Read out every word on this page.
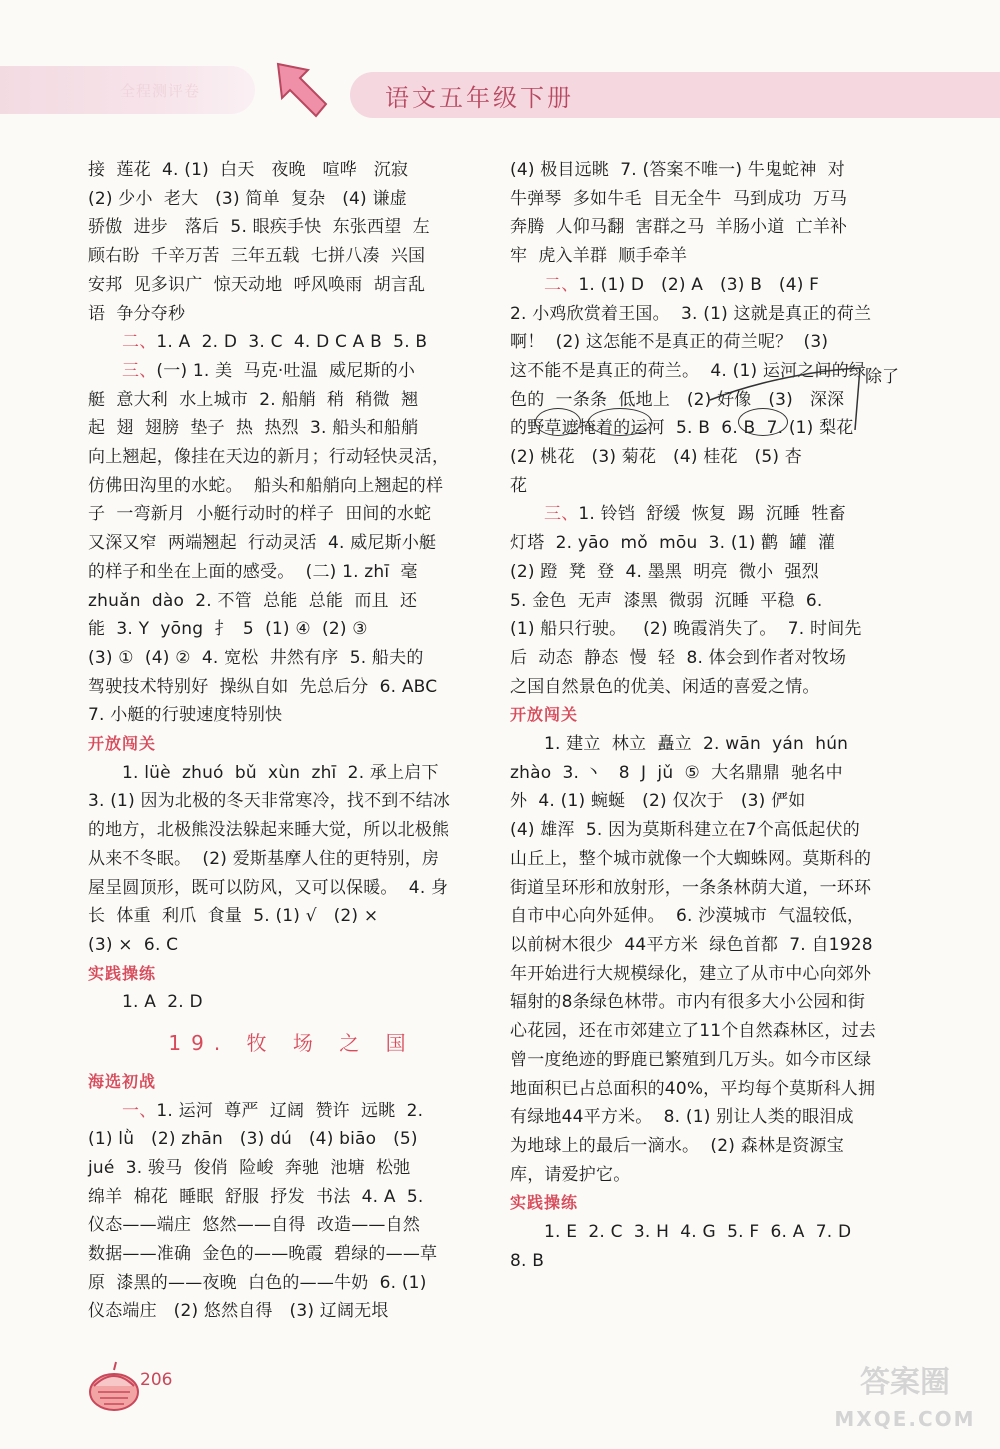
全程测评卷	语文五年级下册
接  莲花  4. (1)  白天   夜晚   喧哗   沉寂
(2) 少小  老大   (3) 简单  复杂   (4) 谦虚
骄傲  进步   落后  5. 眼疾手快  东张西望  左
顾右盼  千辛万苦  三年五载  七拼八凑  兴国
安邦  见多识广  惊天动地  呼风唤雨  胡言乱
语  争分夺秒
二、1. A  2. D  3. C  4. D C A B  5. B
三、(一) 1. 美  马克·吐温  威尼斯的小
艇  意大利  水上城市  2. 船艄  稍  稍微  翘
起  翅  翅膀  垫子  热  热烈  3. 船头和船艄
向上翘起，像挂在天边的新月；行动轻快灵活，
仿佛田沟里的水蛇。  船头和船艄向上翘起的样
子  一弯新月  小艇行动时的样子  田间的水蛇
又深又窄  两端翘起  行动灵活  4. 威尼斯小艇
的样子和坐在上面的感受。  (二) 1. zhī  毫
zhuǎn  dào  2. 不管  总能  总能  而且  还
能  3. Y  yōng  扌  5  (1) ④  (2) ③
(3) ①  (4) ②  4. 宽松  井然有序  5. 船夫的
驾驶技术特别好  操纵自如  先总后分  6. ABC
7. 小艇的行驶速度特别快
开放闯关
1. lüè  zhuó  bǔ  xùn  zhī  2. 承上启下
3. (1) 因为北极的冬天非常寒冷，找不到不结冰
的地方，北极熊没法躲起来睡大觉，所以北极熊
从来不冬眠。  (2) 爱斯基摩人住的更特别，房
屋呈圆顶形，既可以防风，又可以保暖。  4. 身
长  体重  利爪  食量  5. (1) √   (2) ×
(3) ×  6. C
实践操练
1. A  2. D
19. 牧 场 之 国
海选初战
一、1. 运河  尊严  辽阔  赞许  远眺  2.
(1) lǜ   (2) zhān   (3) dú   (4) biāo   (5)
jué  3. 骏马  俊俏  险峻  奔驰  池塘  松弛
绵羊  棉花  睡眠  舒服  抒发  书法  4. A  5.
仪态——端庄  悠然——自得  改造——自然
数据——准确  金色的——晚霞  碧绿的——草
原  漆黑的——夜晚  白色的——牛奶  6. (1)
仪态端庄   (2) 悠然自得   (3) 辽阔无垠
(4) 极目远眺  7. (答案不唯一) 牛鬼蛇神  对
牛弹琴  多如牛毛  目无全牛  马到成功  万马
奔腾  人仰马翻  害群之马  羊肠小道  亡羊补
牢  虎入羊群  顺手牵羊
二、1. (1) D   (2) A   (3) B   (4) F
2. 小鸡欣赏着王国。  3. (1) 这就是真正的荷兰
啊！  (2) 这怎能不是真正的荷兰呢？  (3)
这不能不是真正的荷兰。  4. (1) 运河之间的绿
色的  一条条  低地上   (2) 好像   (3)   深深
的野草遮掩着的运河  5. B  6. B  7. (1) 梨花
(2) 桃花   (3) 菊花   (4) 桂花   (5) 杏
花
三、1. 铃铛  舒缓  恢复  踢  沉睡  牲畜
灯塔  2. yāo  mǒ  mōu  3. (1) 鹳  罐  灌
(2) 蹬  凳  登  4. 墨黑  明亮  微小  强烈
5. 金色  无声  漆黑  微弱  沉睡  平稳  6.
(1) 船只行驶。   (2) 晚霞消失了。  7. 时间先
后  动态  静态  慢  轻  8. 体会到作者对牧场
之国自然景色的优美、闲适的喜爱之情。
开放闯关
1. 建立  林立  矗立  2. wān  yán  hún
zhào  3. 丶   8  J  jǔ  ⑤  大名鼎鼎  驰名中
外  4. (1) 蜿蜒   (2) 仅次于   (3) 俨如
(4) 雄浑  5. 因为莫斯科建立在7个高低起伏的
山丘上，整个城市就像一个大蜘蛛网。莫斯科的
街道呈环形和放射形，一条条林荫大道，一环环
自市中心向外延伸。  6. 沙漠城市  气温较低，
以前树木很少  44平方米  绿色首都  7. 自1928
年开始进行大规模绿化，建立了从市中心向郊外
辐射的8条绿色林带。市内有很多大小公园和街
心花园，还在市郊建立了11个自然森林区，过去
曾一度绝迹的野鹿已繁殖到几万头。如今市区绿
地面积已占总面积的40%，平均每个莫斯科人拥
有绿地44平方米。  8. (1) 别让人类的眼泪成
为地球上的最后一滴水。  (2) 森林是资源宝
库，请爱护它。
实践操练
1. E  2. C  3. H  4. G  5. F  6. A  7. D
8. B
除了
206	答案圈
MXQE.COM
